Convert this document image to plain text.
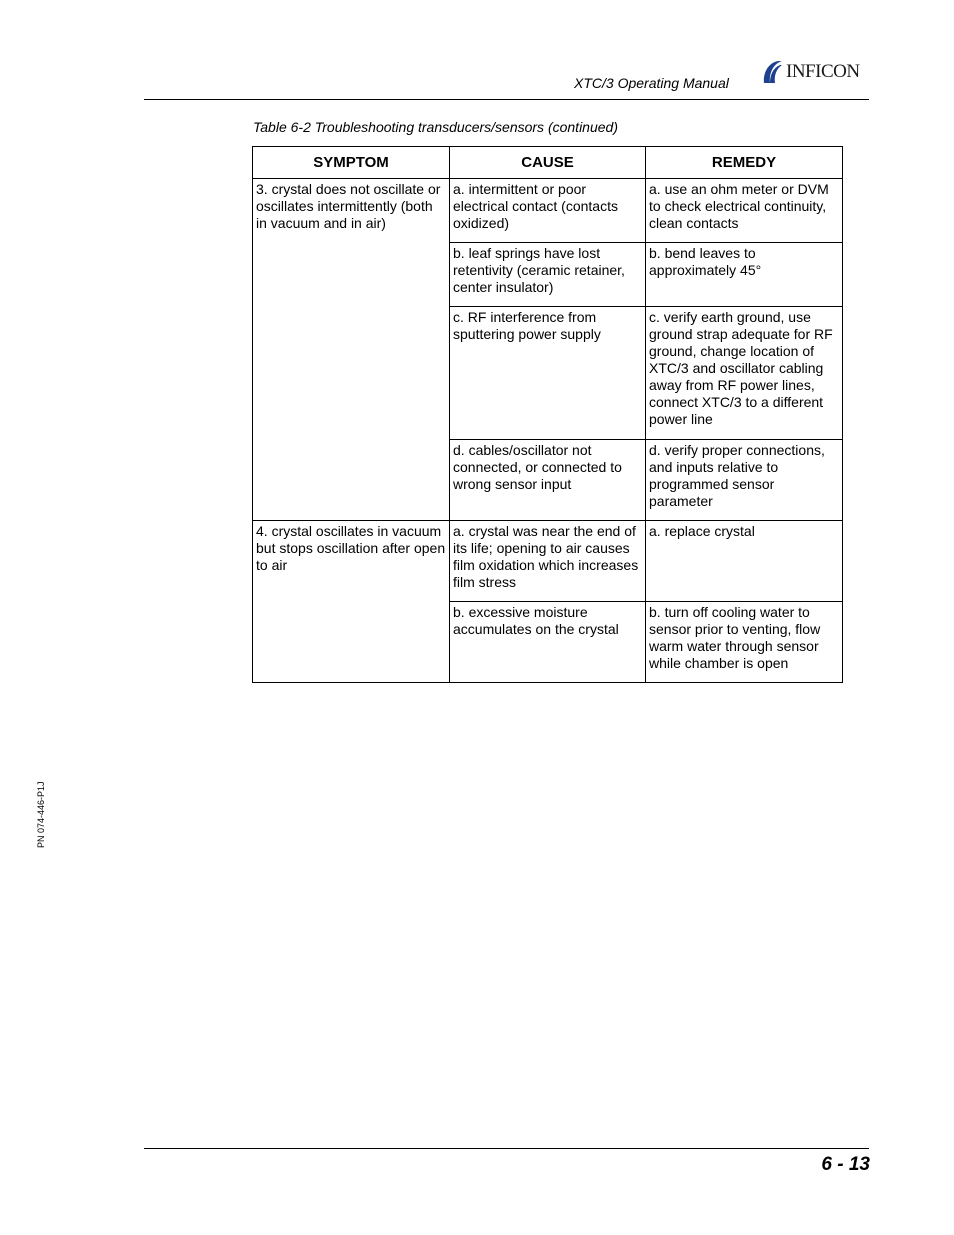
XTC/3 Operating Manual
INFICON
Table 6-2 Troubleshooting transducers/sensors (continued)
SYMPTOM	CAUSE	REMEDY
3. crystal does not oscillate or oscillates intermittently (both in vacuum and in air)	a. intermittent or poor electrical contact (contacts oxidized)	a. use an ohm meter or DVM to check electrical continuity, clean contacts
	b. leaf springs have lost retentivity (ceramic retainer, center insulator)	b. bend leaves to approximately 45°
	c. RF interference from sputtering power supply	c. verify earth ground, use ground strap adequate for RF ground, change location of XTC/3 and oscillator cabling away from RF power lines, connect XTC/3 to a different power line
	d. cables/oscillator not connected, or connected to wrong sensor input	d. verify proper connections, and inputs relative to programmed sensor parameter
4. crystal oscillates in vacuum but stops oscillation after open to air	a. crystal was near the end of its life; opening to air causes film oxidation which increases film stress	a. replace crystal
	b. excessive moisture accumulates on the crystal	b. turn off cooling water to sensor prior to venting, flow warm water through sensor while chamber is open
PN 074-446-P1J
6 - 13
